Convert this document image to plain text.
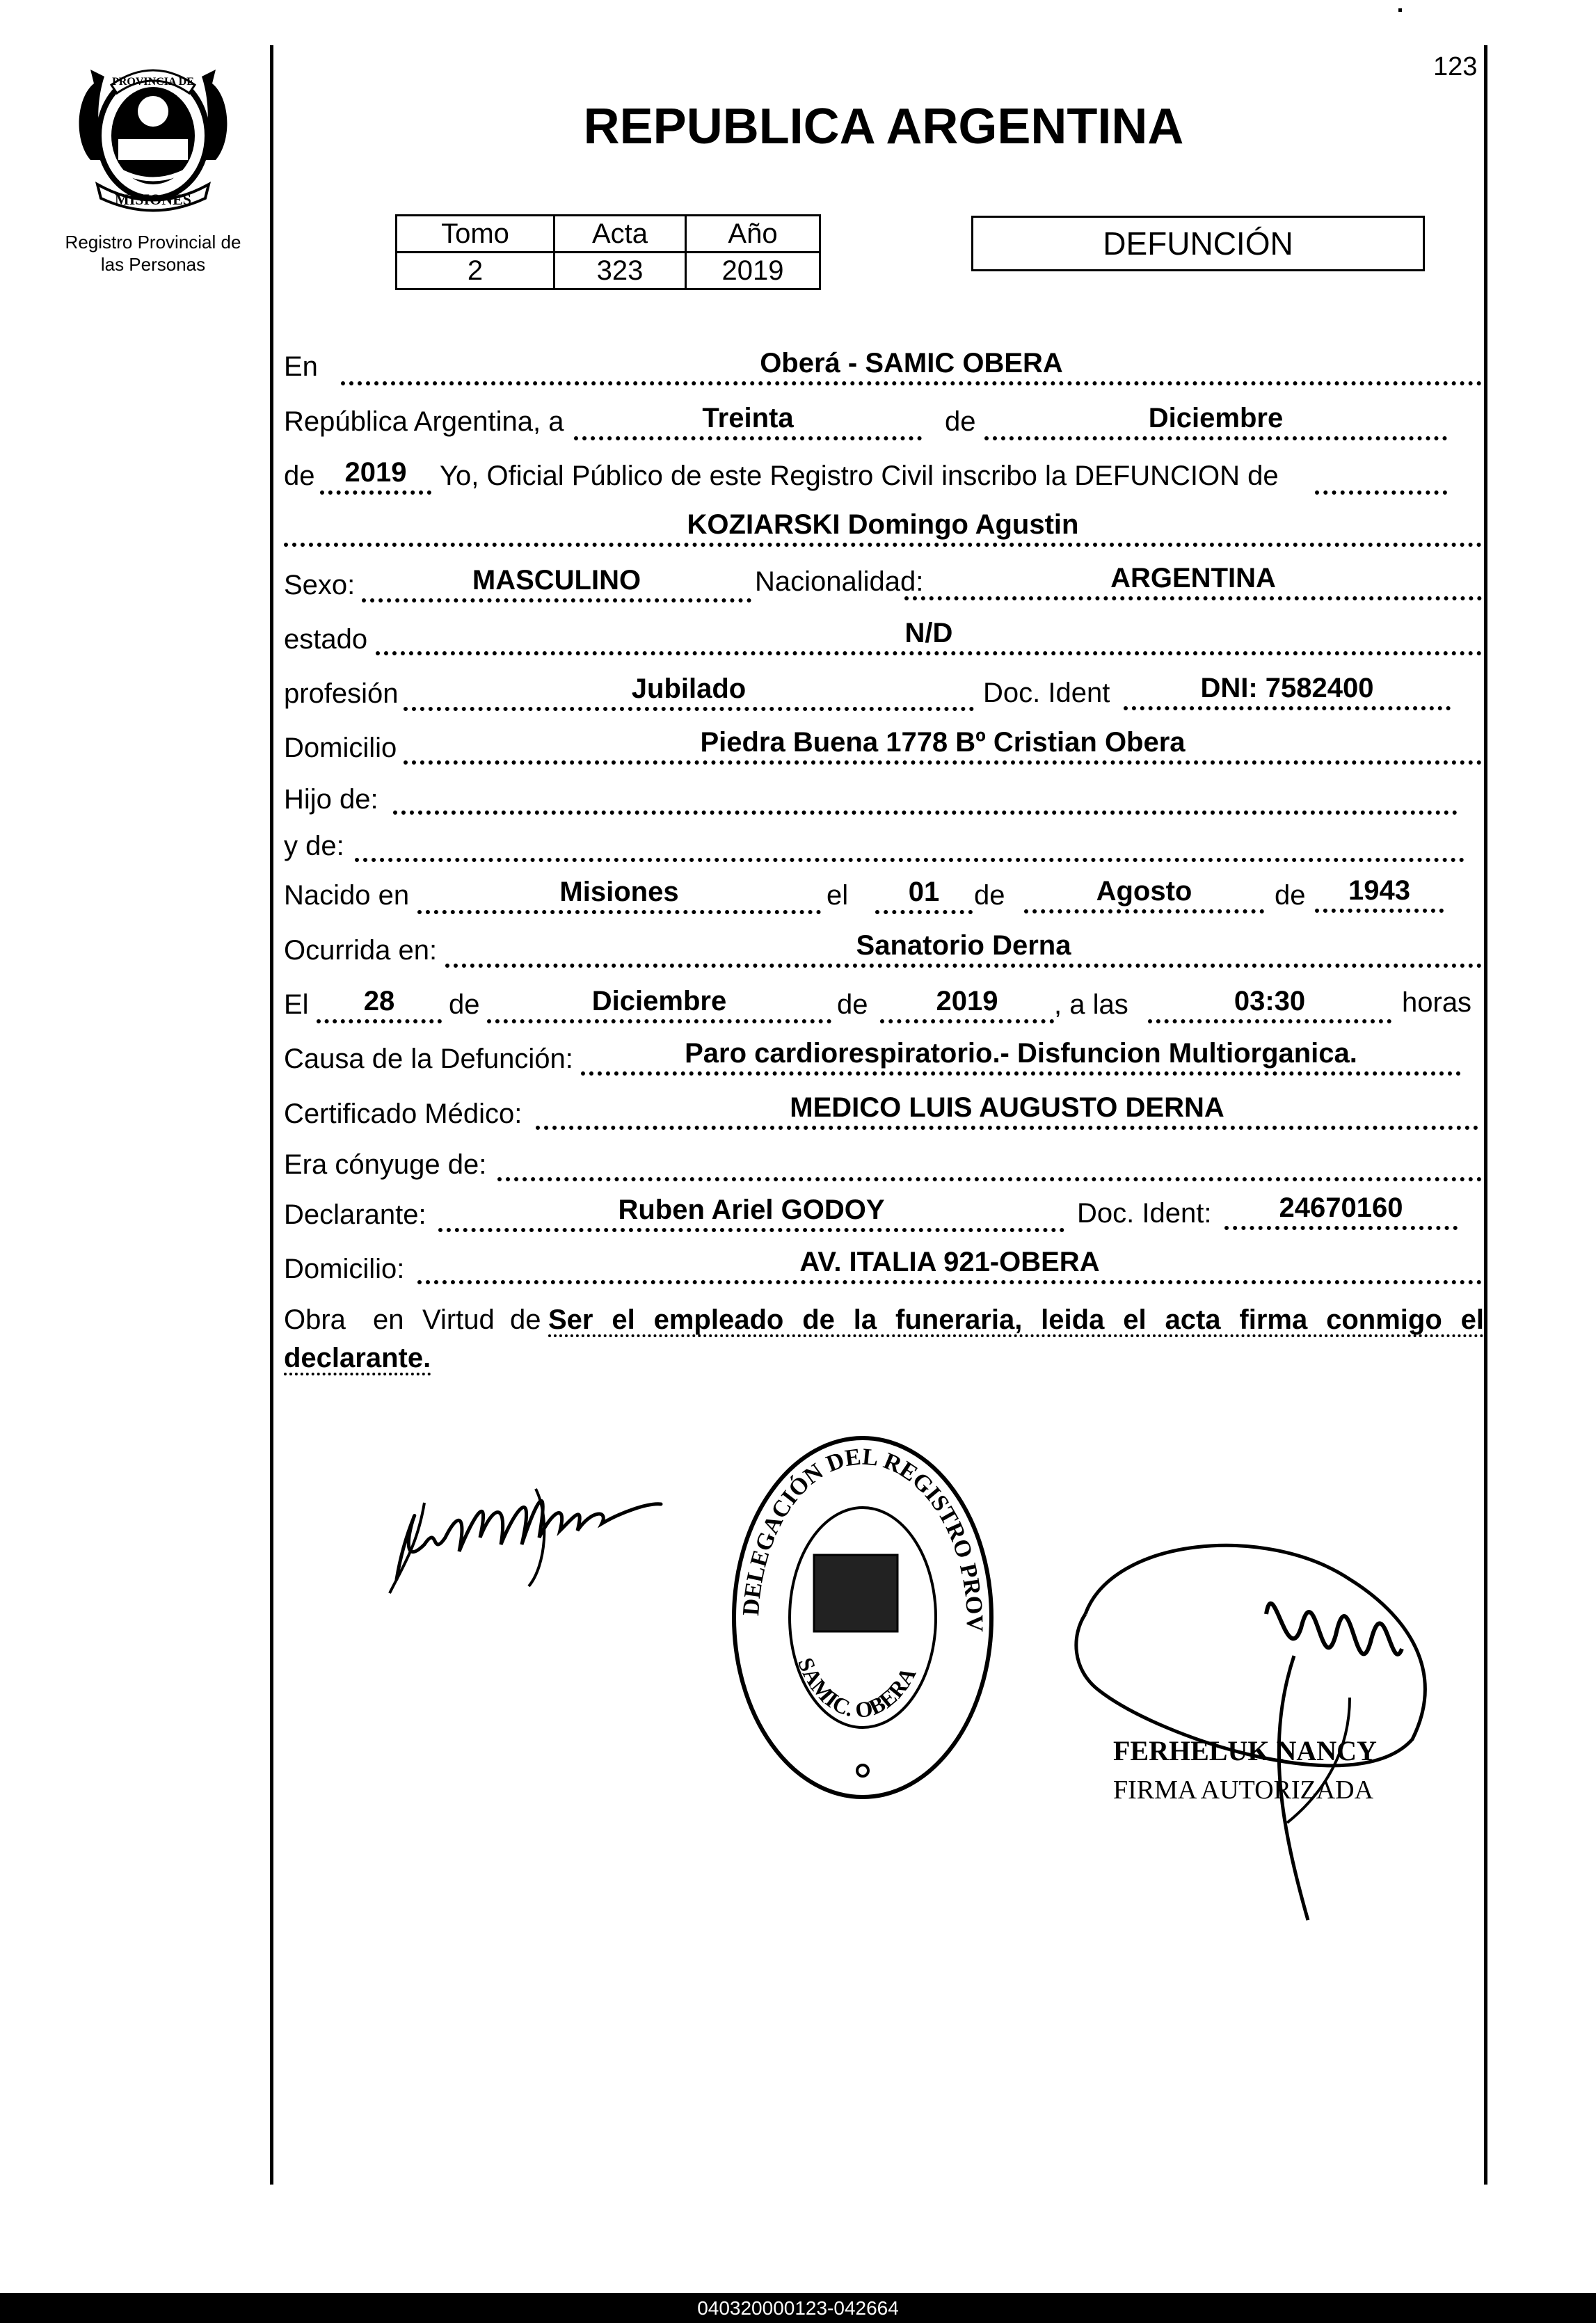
123
MISIONES
PROVINCIA DE
Registro Provincial de
las Personas
REPUBLICA ARGENTINA
Tomo	Acta	Año
2	323	2019
DEFUNCIÓN
En	Oberá - SAMIC OBERA
República Argentina, a	Treinta	de	Diciembre
de	2019	Yo, Oficial Público de este Registro Civil inscribo la DEFUNCION de
KOZIARSKI Domingo Agustin
Sexo:	MASCULINO	Nacionalidad:	ARGENTINA
estado	N/D
profesión	Jubilado	Doc. Ident	DNI: 7582400
Domicilio	Piedra Buena 1778 Bº Cristian Obera
Hijo de:
y de:
Nacido en	Misiones	el	01	de	Agosto	de	1943
Ocurrida en:	Sanatorio Derna
El	28	de	Diciembre	de	2019	, a las	03:30	horas
Causa de la Defunción:	Paro cardiorespiratorio.- Disfuncion Multiorganica.
Certificado Médico:	MEDICO LUIS AUGUSTO DERNA
Era cónyuge de:
Declarante:	Ruben Ariel GODOY	Doc. Ident:	24670160
Domicilio:	AV. ITALIA 921-OBERA
Obra en Virtud de Ser el empleado de la funeraria, leida el acta firma conmigo el
declarante.
DELEGACIÓN DEL REGISTRO PROV
SAMIC. OBERA
FERHELUK NANCY
FIRMA AUTORIZADA
040320000123-042664
